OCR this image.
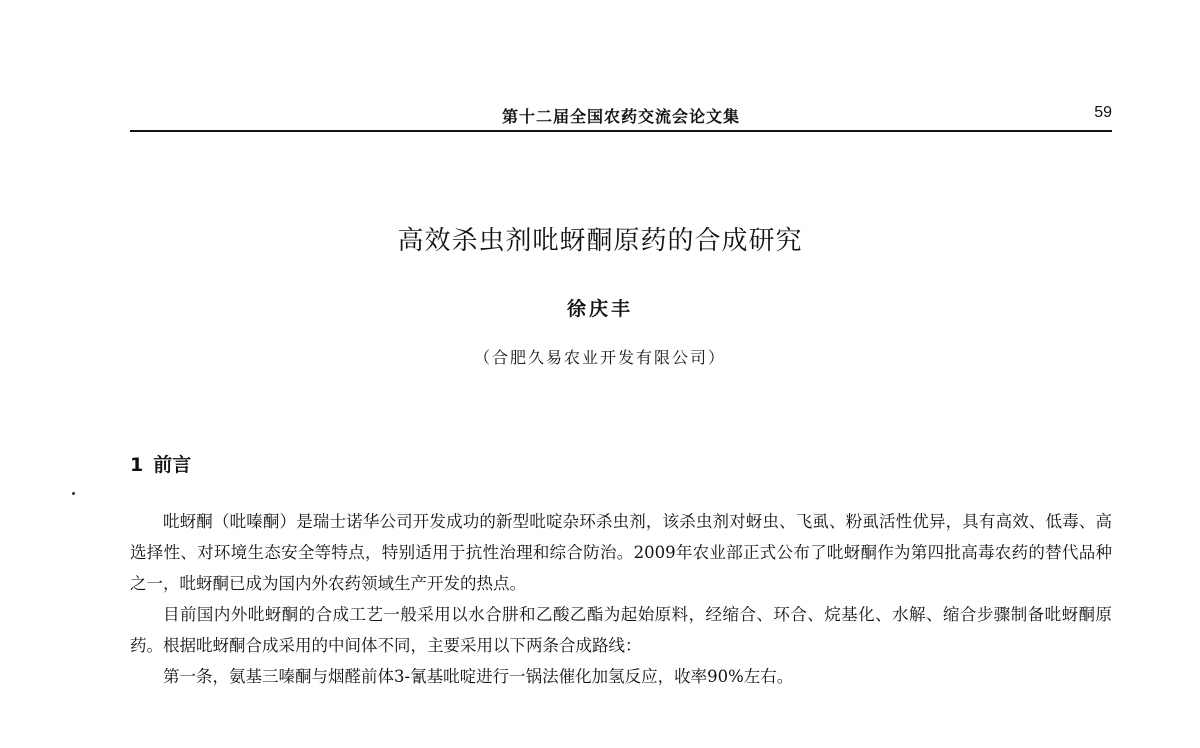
第十二届全国农药交流会论文集	59
高效杀虫剂吡蚜酮原药的合成研究
徐庆丰
（合肥久易农业开发有限公司）
1 前言

吡蚜酮（吡嗪酮）是瑞士诺华公司开发成功的新型吡啶杂环杀虫剂，该杀虫剂对蚜虫、飞虱、粉虱活性优异，具有高效、低毒、高选择性、对环境生态安全等特点，特别适用于抗性治理和综合防治。2009年农业部正式公布了吡蚜酮作为第四批高毒农药的替代品种之一，吡蚜酮已成为国内外农药领域生产开发的热点。

目前国内外吡蚜酮的合成工艺一般采用以水合肼和乙酸乙酯为起始原料，经缩合、环合、烷基化、水解、缩合步骤制备吡蚜酮原药。根据吡蚜酮合成采用的中间体不同，主要采用以下两条合成路线：

第一条，氨基三嗪酮与烟醛前体3-氰基吡啶进行一锅法催化加氢反应，收率90%左右。
